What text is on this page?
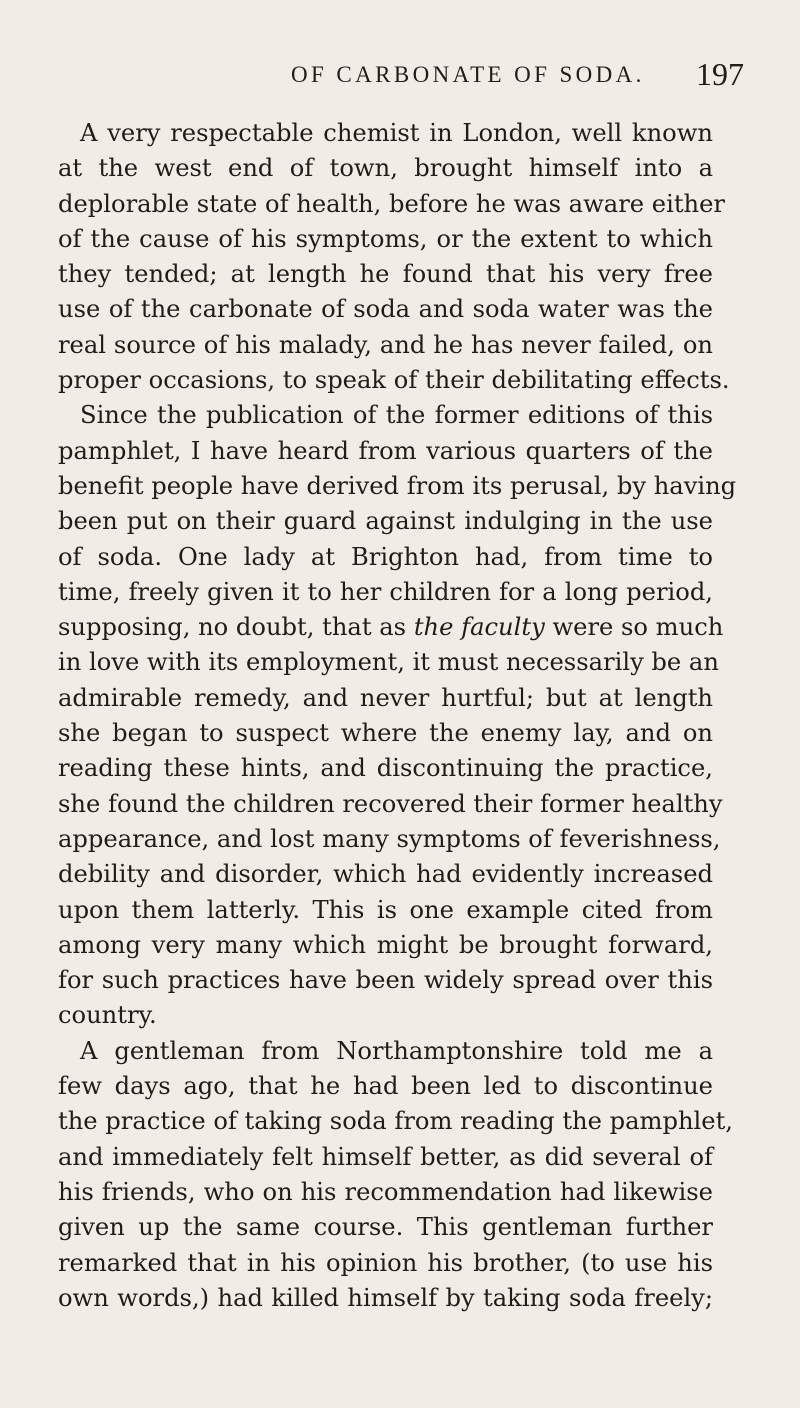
OF CARBONATE OF SODA. 197
A very respectable chemist in London, well known
at the west end of town, brought himself into a
deplorable state of health, before he was aware either
of the cause of his symptoms, or the extent to which
they tended; at length he found that his very free
use of the carbonate of soda and soda water was the
real source of his malady, and he has never failed, on
proper occasions, to speak of their debilitating effects.
Since the publication of the former editions of this
pamphlet, I have heard from various quarters of the
benefit people have derived from its perusal, by having
been put on their guard against indulging in the use
of soda. One lady at Brighton had, from time to
time, freely given it to her children for a long period,
supposing, no doubt, that as the faculty were so much
in love with its employment, it must necessarily be an
admirable remedy, and never hurtful; but at length
she began to suspect where the enemy lay, and on
reading these hints, and discontinuing the practice,
she found the children recovered their former healthy
appearance, and lost many symptoms of feverishness,
debility and disorder, which had evidently increased
upon them latterly. This is one example cited from
among very many which might be brought forward,
for such practices have been widely spread over this
country.
A gentleman from Northamptonshire told me a
few days ago, that he had been led to discontinue
the practice of taking soda from reading the pamphlet,
and immediately felt himself better, as did several of
his friends, who on his recommendation had likewise
given up the same course. This gentleman further
remarked that in his opinion his brother, (to use his
own words,) had killed himself by taking soda freely;
